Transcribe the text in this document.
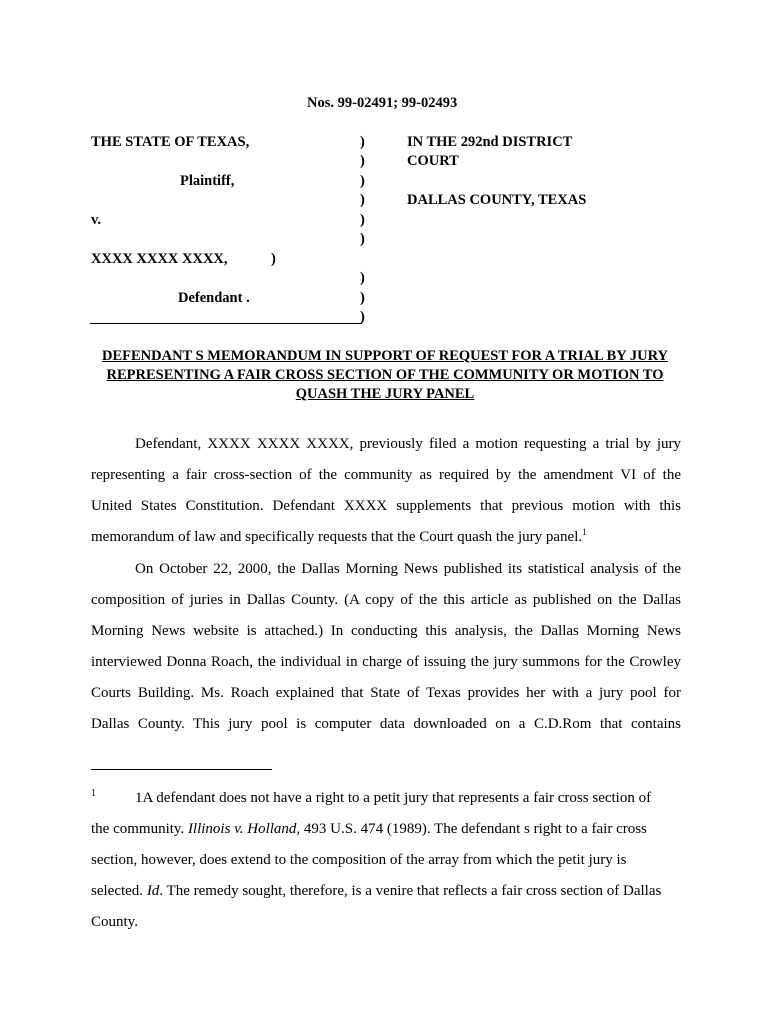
Nos. 99-02491; 99-02493
THE STATE OF TEXAS,
Plaintiff,
v.
XXXX XXXX XXXX,	)
Defendant .
)
)
)
)
)
)
)
)
)
IN THE 292nd DISTRICT
COURT
DALLAS COUNTY, TEXAS
DEFENDANT S MEMORANDUM IN SUPPORT OF REQUEST FOR A TRIAL BY JURY
REPRESENTING A FAIR CROSS SECTION OF THE COMMUNITY OR MOTION TO
QUASH THE JURY PANEL
Defendant, XXXX XXXX XXXX, previously filed a motion requesting a trial by jury
representing a fair cross-section of the community as required by the amendment VI of the
United States Constitution. Defendant XXXX supplements that previous motion with this
memorandum of law and specifically requests that the Court quash the jury panel.$^1$
On October 22, 2000, the Dallas Morning News published its statistical analysis of the
composition of juries in Dallas County. (A copy of the this article as published on the Dallas
Morning News website is attached.) In conducting this analysis, the Dallas Morning News
interviewed Donna Roach, the individual in charge of issuing the jury summons for the Crowley
Courts Building. Ms. Roach explained that State of Texas provides her with a jury pool for
Dallas County. This jury pool is computer data downloaded on a C.D.Rom that contains
1	1A defendant does not have a right to a petit jury that represents a fair cross section of
the community. Illinois v. Holland, 493 U.S. 474 (1989). The defendant s right to a fair cross
section, however, does extend to the composition of the array from which the petit jury is
selected. Id. The remedy sought, therefore, is a venire that reflects a fair cross section of Dallas
County.
